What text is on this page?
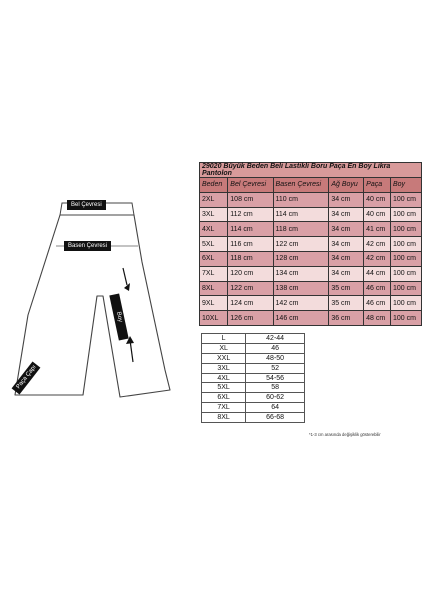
Bel Çevresi
Basen Çevresi
Boy
Paça Çapı
29020 Büyük Beden Beli Lastikli Boru Paça En Boy Likra Pantolon					
Beden	Bel Çevresi	Basen Çevresi	Ağ Boyu	Paça	Boy
2XL	108 cm	110 cm	34 cm	40 cm	100 cm
3XL	112 cm	114 cm	34 cm	40 cm	100 cm
4XL	114 cm	118 cm	34 cm	41 cm	100 cm
5XL	116 cm	122 cm	34 cm	42 cm	100 cm
6XL	118 cm	128 cm	34 cm	42 cm	100 cm
7XL	120 cm	134 cm	34 cm	44 cm	100 cm
8XL	122 cm	138 cm	35 cm	46 cm	100 cm
9XL	124 cm	142 cm	35 cm	46 cm	100 cm
10XL	126 cm	146 cm	36 cm	48 cm	100 cm
L	42-44
XL	46
XXL	48-50
3XL	52
4XL	54-56
5XL	58
6XL	60-62
7XL	64
8XL	66-68
*1-3 cm arasında değişiklik gösterebilir
